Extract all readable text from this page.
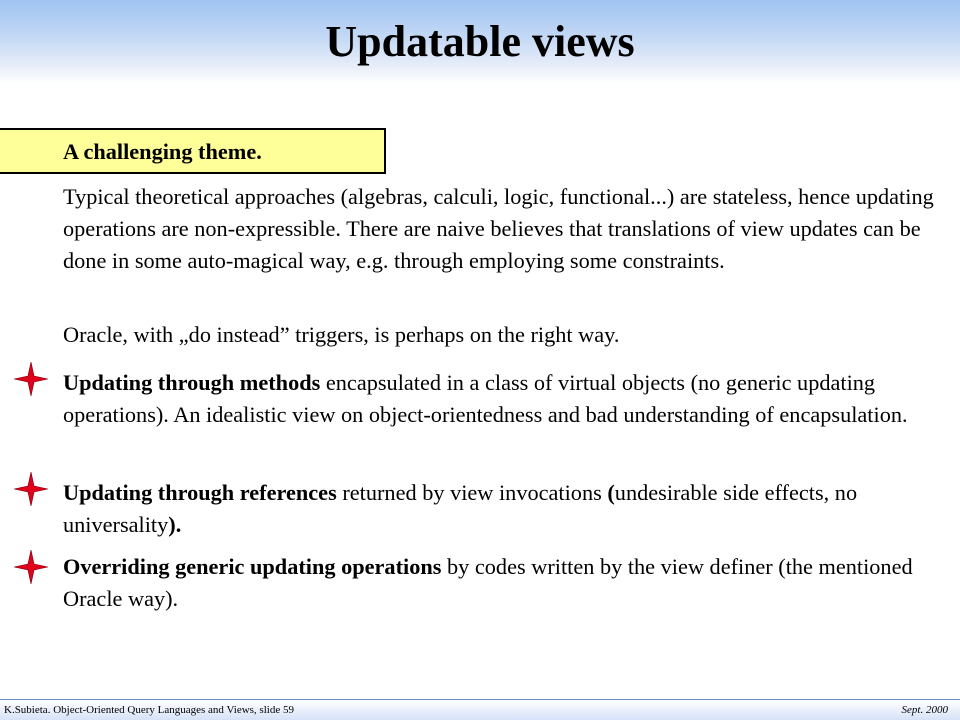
Updatable views
A challenging theme.
Typical theoretical approaches (algebras, calculi, logic, functional...) are stateless, hence updating operations are non-expressible. There are naive believes that translations of view updates can be done in some auto-magical way, e.g. through employing some constraints.
Oracle, with „do instead” triggers, is perhaps on the right way.
Updating through methods encapsulated in a class of virtual objects (no generic updating operations). An idealistic view on object-orientedness and bad understanding of encapsulation.
Updating through references returned by view invocations (undesirable side effects, no universality).
Overriding generic updating operations by codes written by the view definer (the mentioned Oracle way).
K.Subieta. Object-Oriented Query Languages and Views, slide 59	Sept. 2000
